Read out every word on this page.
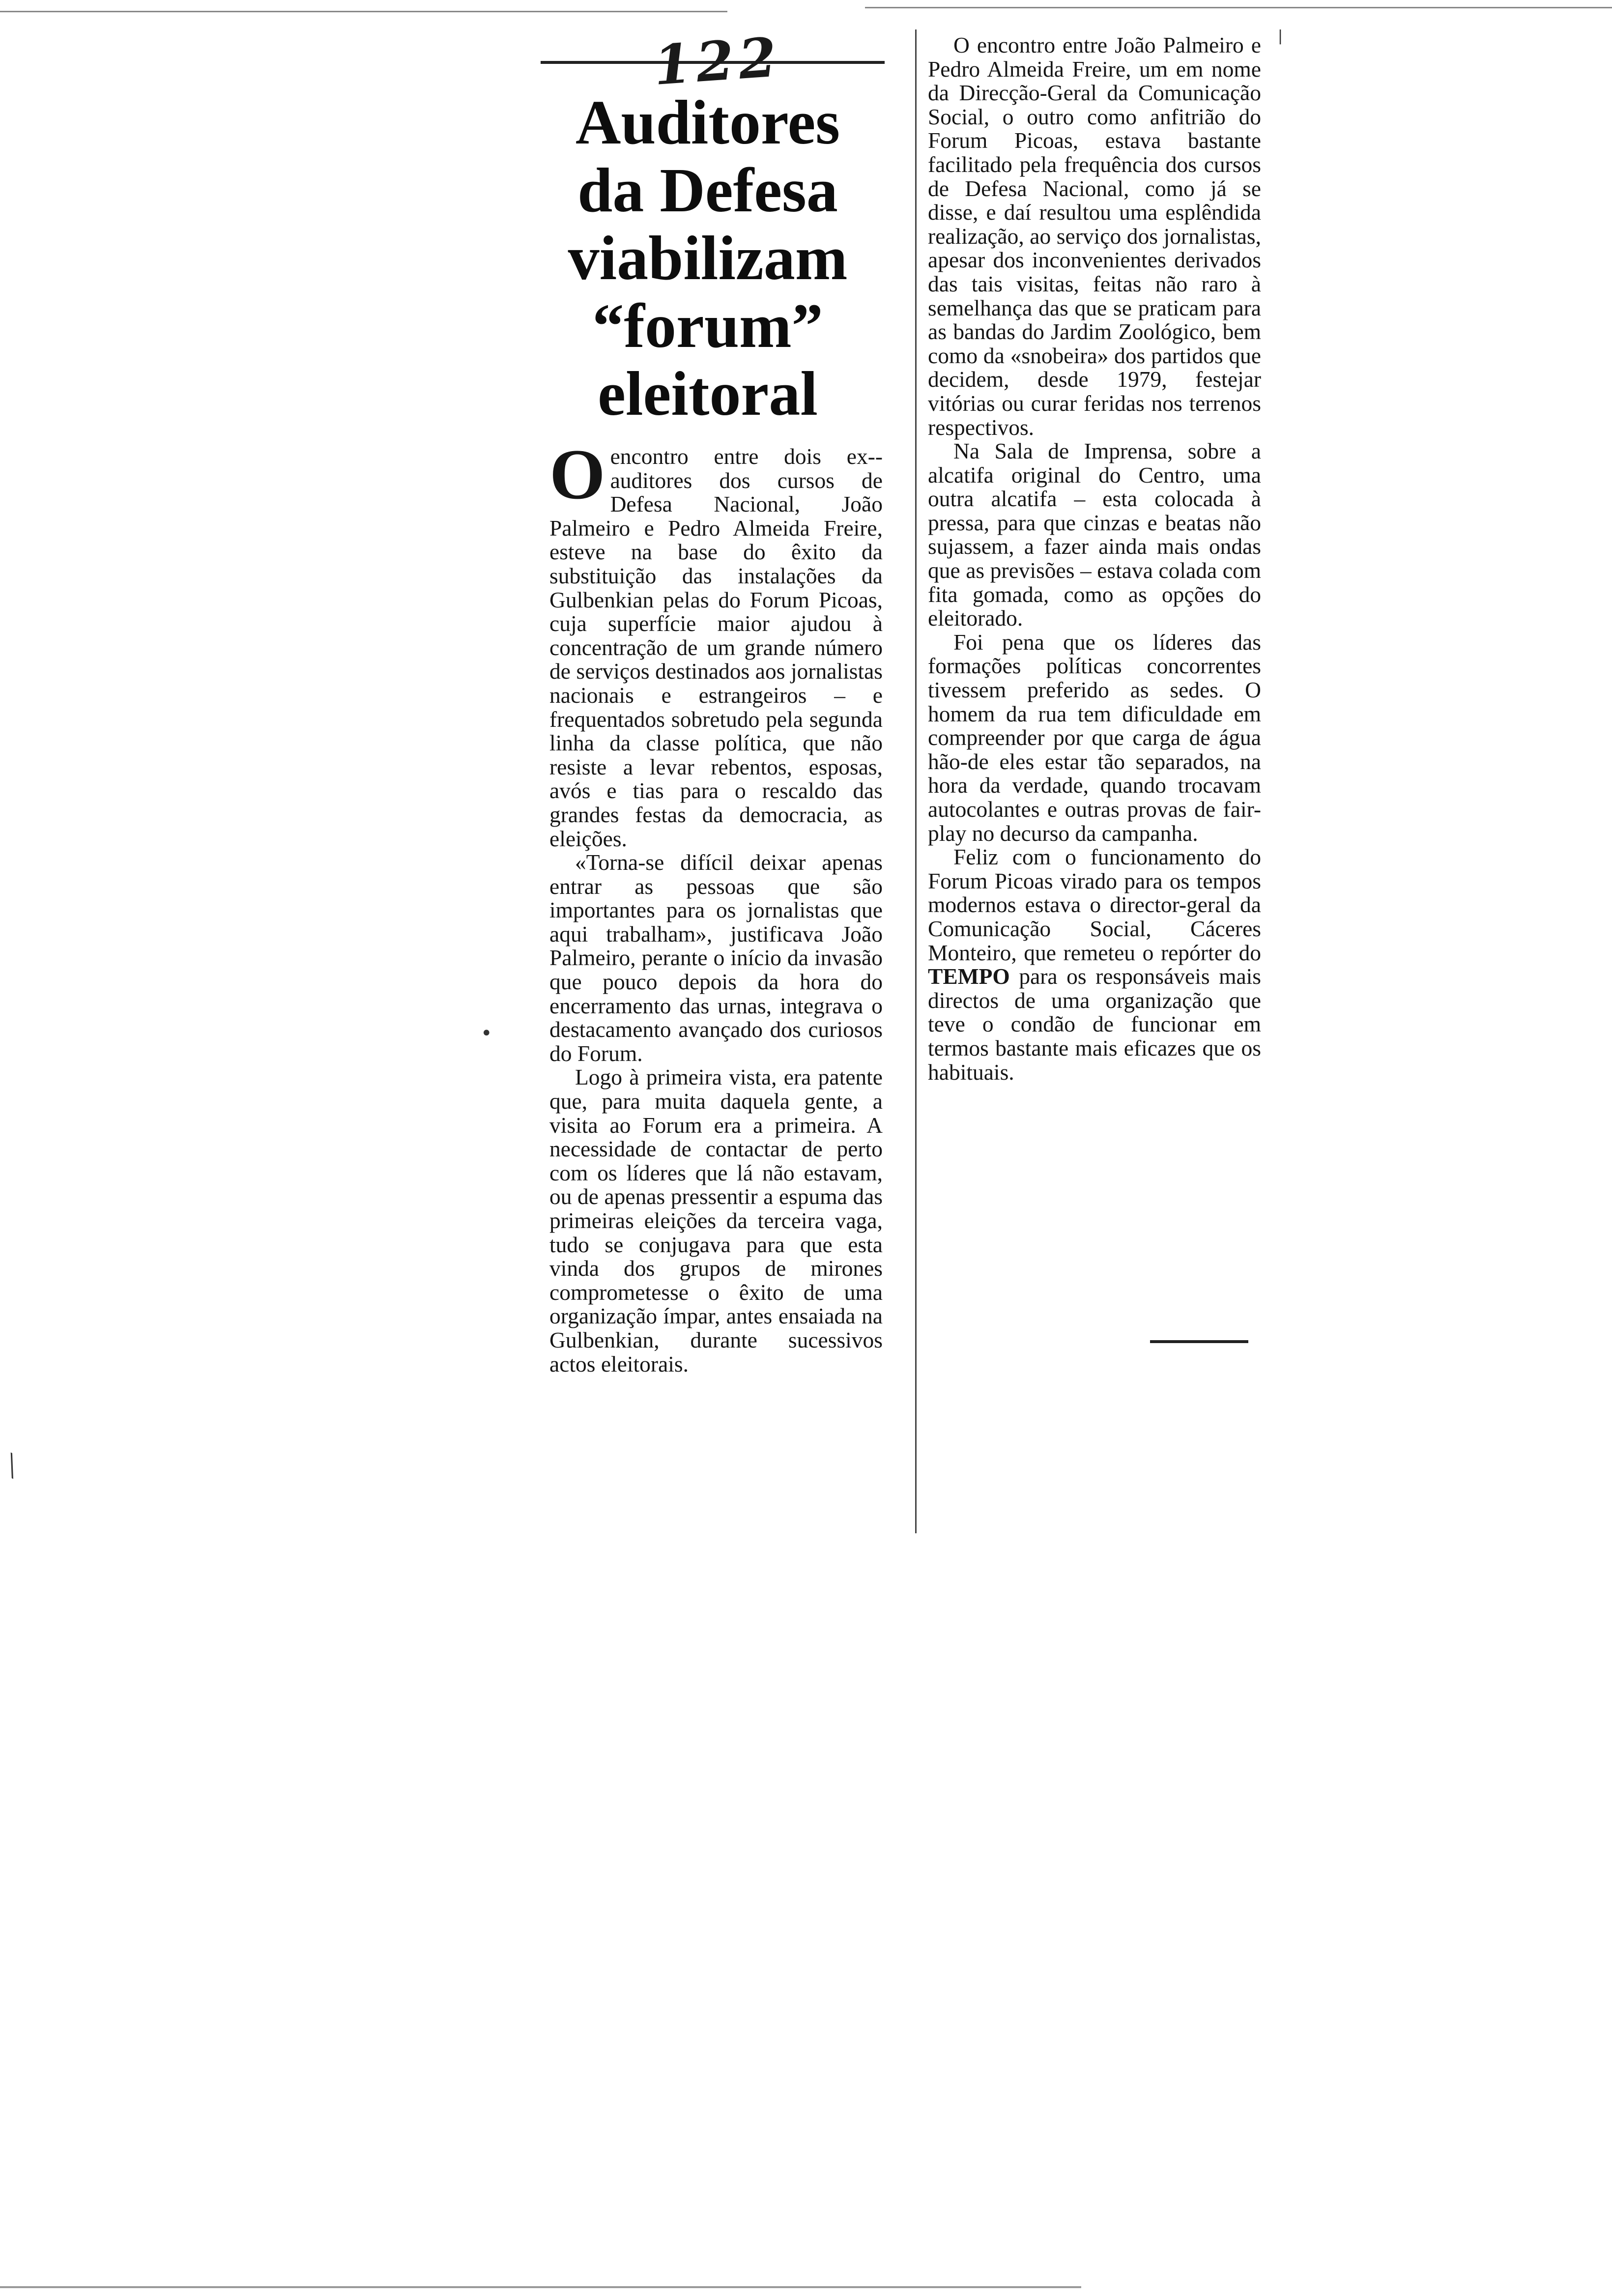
•
╲
|
122
Auditores
da Defesa
viabilizam
“forum”
eleitoral

Oencontro entre dois ex--auditores dos cursos de Defesa Nacional, João Palmeiro e Pedro Almeida Freire, esteve na base do êxito da substituição das instalações da Gulbenkian pelas do Forum Picoas, cuja superfície maior ajudou à concentração de um grande número de serviços destinados aos jornalistas nacionais e estrangeiros – e frequentados sobretudo pela segunda linha da classe política, que não resiste a levar rebentos, esposas, avós e tias para o rescaldo das grandes festas da democracia, as eleições.

«Torna-se difícil deixar apenas entrar as pessoas que são importantes para os jornalistas que aqui trabalham», justificava João Palmeiro, perante o início da invasão que pouco depois da hora do encerramento das urnas, integrava o destacamento avançado dos curiosos do Forum.

Logo à primeira vista, era patente que, para muita daquela gente, a visita ao Forum era a primeira. A necessidade de contactar de perto com os líderes que lá não estavam, ou de apenas pressentir a espuma das primeiras eleições da terceira vaga, tudo se conjugava para que esta vinda dos grupos de mirones comprometesse o êxito de uma organização ímpar, antes ensaiada na Gulbenkian, durante sucessivos actos eleitorais.

O encontro entre João Palmeiro e Pedro Almeida Freire, um em nome da Direcção-Geral da Comunicação Social, o outro como anfitrião do Forum Picoas, estava bastante facilitado pela frequência dos cursos de Defesa Nacional, como já se disse, e daí resultou uma esplêndida realização, ao serviço dos jornalistas, apesar dos inconvenientes derivados das tais visitas, feitas não raro à semelhança das que se praticam para as bandas do Jardim Zoológico, bem como da «snobeira» dos partidos que decidem, desde 1979, festejar vitórias ou curar feridas nos terrenos respectivos.

Na Sala de Imprensa, sobre a alcatifa original do Centro, uma outra alcatifa – esta colocada à pressa, para que cinzas e beatas não sujassem, a fazer ainda mais ondas que as previsões – estava colada com fita gomada, como as opções do eleitorado.

Foi pena que os líderes das formações políticas concorrentes tivessem preferido as sedes. O homem da rua tem dificuldade em compreender por que carga de água hão-de eles estar tão separados, na hora da verdade, quando trocavam autocolantes e outras provas de fair-play no decurso da campanha.

Feliz com o funcionamento do Forum Picoas virado para os tempos modernos estava o director-geral da Comunicação Social, Cáceres Monteiro, que remeteu o repórter do TEMPO para os responsáveis mais directos de uma organização que teve o condão de funcionar em termos bastante mais eficazes que os habituais.
